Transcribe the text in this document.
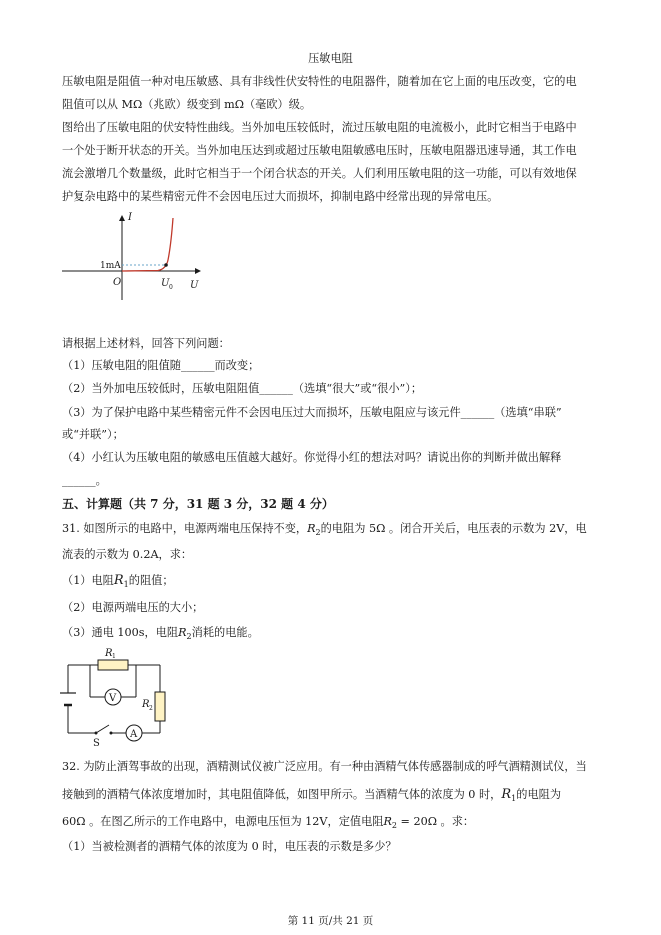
压敏电阻

压敏电阻是阻值一种对电压敏感、具有非线性伏安特性的电阻器件，随着加在它上面的电压改变，它的电

阻值可以从 MΩ（兆欧）级变到 mΩ（毫欧）级。

图给出了压敏电阻的伏安特性曲线。当外加电压较低时，流过压敏电阻的电流极小，此时它相当于电路中

一个处于断开状态的开关。当外加电压达到或超过压敏电阻敏感电压时，压敏电阻器迅速导通，其工作电

流会激增几个数量级，此时它相当于一个闭合状态的开关。人们利用压敏电阻的这一功能，可以有效地保

护复杂电路中的某些精密元件不会因电压过大而损坏，抑制电路中经常出现的异常电压。

I
U
O
1mA
U 0

请根据上述材料，回答下列问题：

（1）压敏电阻的阻值随______而改变；

（2）当外加电压较低时，压敏电阻阻值______（选填“很大”或“很小”）；

（3）为了保护电路中某些精密元件不会因电压过大而损坏，压敏电阻应与该元件______（选填“串联”

或“并联”）；

（4）小红认为压敏电阻的敏感电压值越大越好。你觉得小红的想法对吗？请说出你的判断并做出解释

______。

五、计算题（共 7 分，31 题 3 分，32 题 4 分）

31. 如图所示的电路中，电源两端电压保持不变，$R_2$的电阻为 5Ω 。闭合开关后，电压表的示数为 2V，电

流表的示数为 0.2A，求：

（1）电阻$R_1$的阻值；

（2）电源两端电压的大小；

（3）通电 100s，电阻$R_2$消耗的电能。

R 1
R 2
V
A
S

32. 为防止酒驾事故的出现，酒精测试仪被广泛应用。有一种由酒精气体传感器制成的呼气酒精测试仪，当

接触到的酒精气体浓度增加时，其电阻值降低，如图甲所示。当酒精气体的浓度为 0 时，$R_1$的电阻为

60Ω 。在图乙所示的工作电路中，电源电压恒为 12V，定值电阻$R_2 = 20\Omega$ 。求：

（1）当被检测者的酒精气体的浓度为 0 时，电压表的示数是多少？

第 11 页/共 21 页
